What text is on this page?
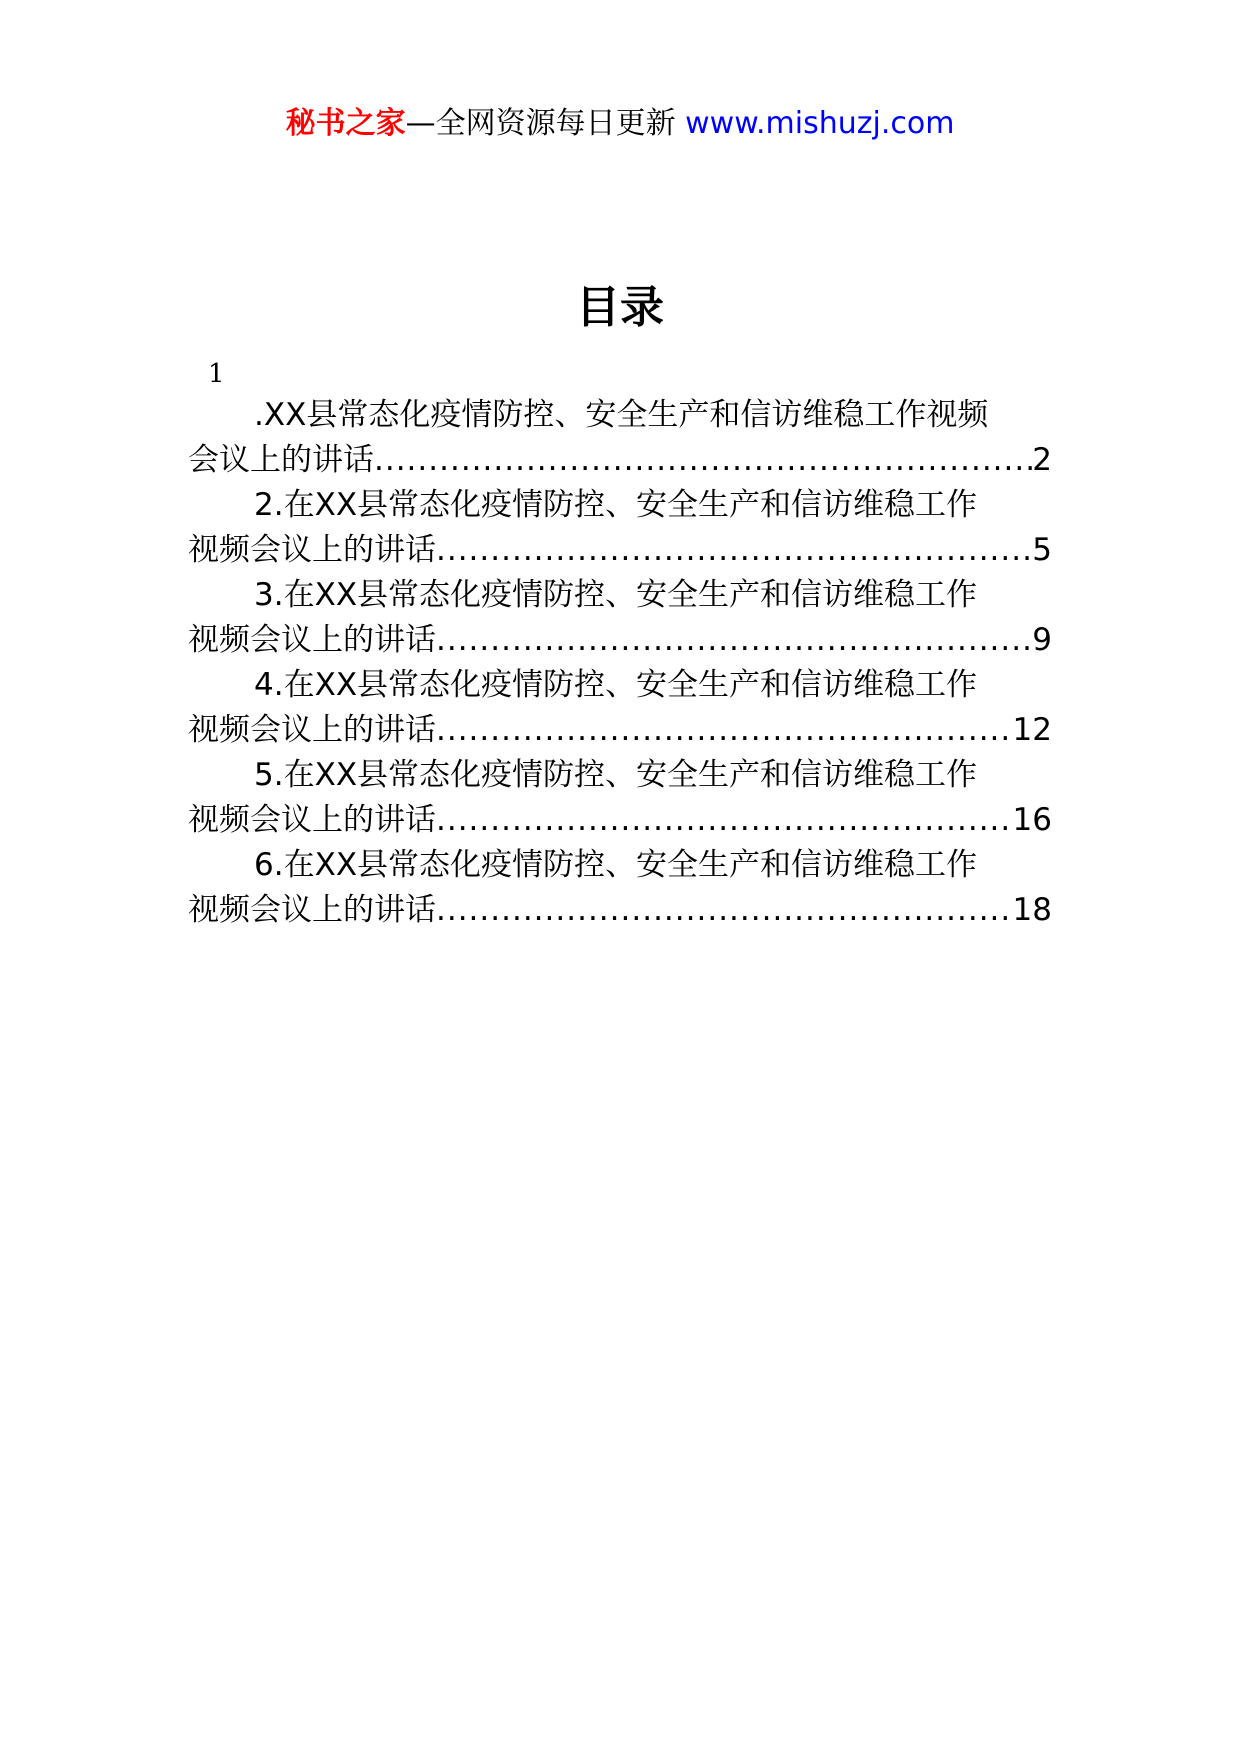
秘书之家—全网资源每日更新 www.mishuzj.com
目录
1
.XX县常态化疫情防控、安全生产和信访维稳工作视频
会议上的讲话 .....	2
2.在XX县常态化疫情防控、安全生产和信访维稳工作
视频会议上的讲话 .....	5
3.在XX县常态化疫情防控、安全生产和信访维稳工作
视频会议上的讲话 .....	9
4.在XX县常态化疫情防控、安全生产和信访维稳工作
视频会议上的讲话 .....	12
5.在XX县常态化疫情防控、安全生产和信访维稳工作
视频会议上的讲话 .....	16
6.在XX县常态化疫情防控、安全生产和信访维稳工作
视频会议上的讲话 .....	18
